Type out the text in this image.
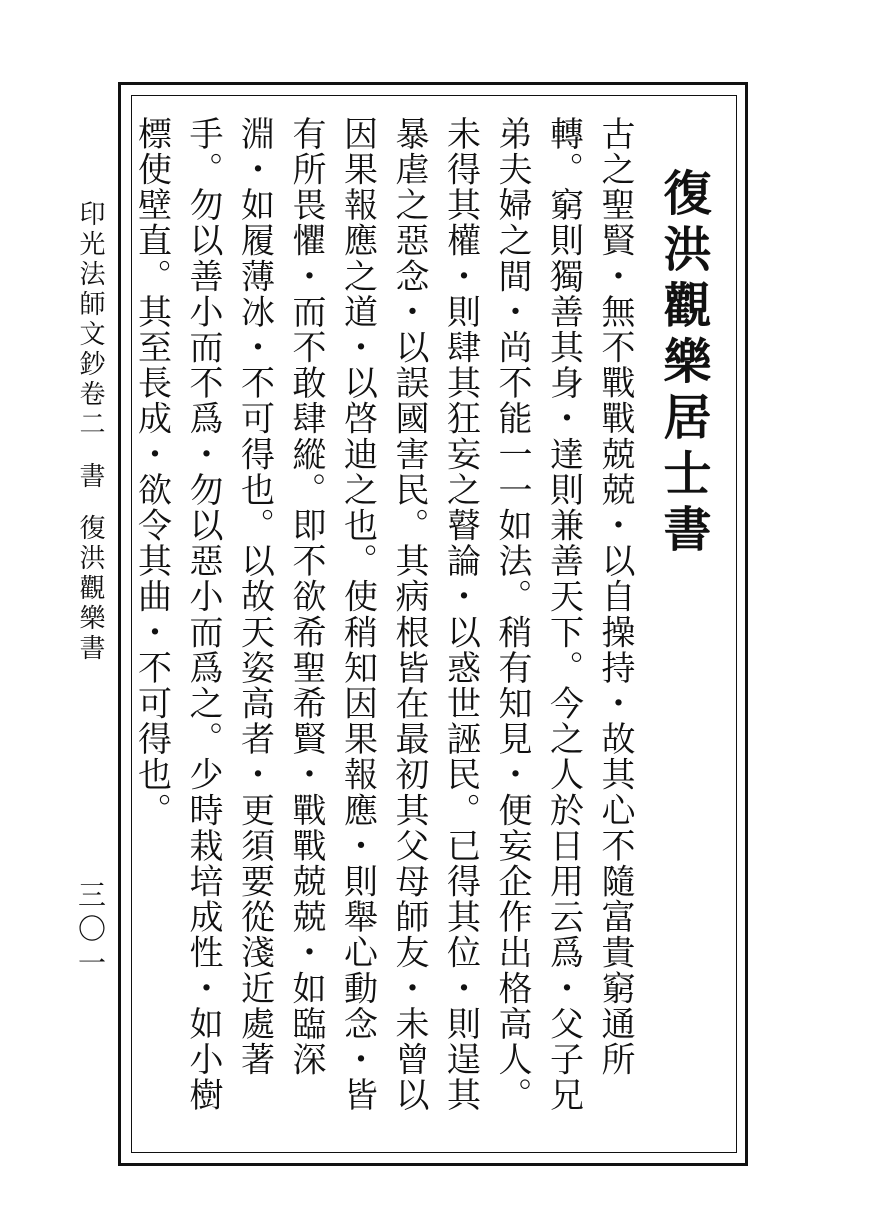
印光法師文鈔卷二書復洪觀樂書
三〇一
復洪觀樂居士書
古之聖賢・無不戰戰兢兢・以自操持・故其心不隨富貴窮通所轉。窮則獨善其身・達則兼善天下。今之人於日用云爲・父子兄弟夫婦之間・尚不能一一如法。稍有知見・便妄企作出格高人。未得其權・則肆其狂妄之瞽論・以惑世誣民。已得其位・則逞其暴虐之惡念・以誤國害民。其病根皆在最初其父母師友・未曾以因果報應之道・以啓迪之也。使稍知因果報應・則舉心動念・皆有所畏懼・而不敢肆縱。即不欲希聖希賢・戰戰兢兢・如臨深淵・如履薄冰・不可得也。以故天姿高者・更須要從淺近處著手。勿以善小而不爲・勿以惡小而爲之。少時栽培成性・如小樹標使壁直。其至長成・欲令其曲・不可得也。
